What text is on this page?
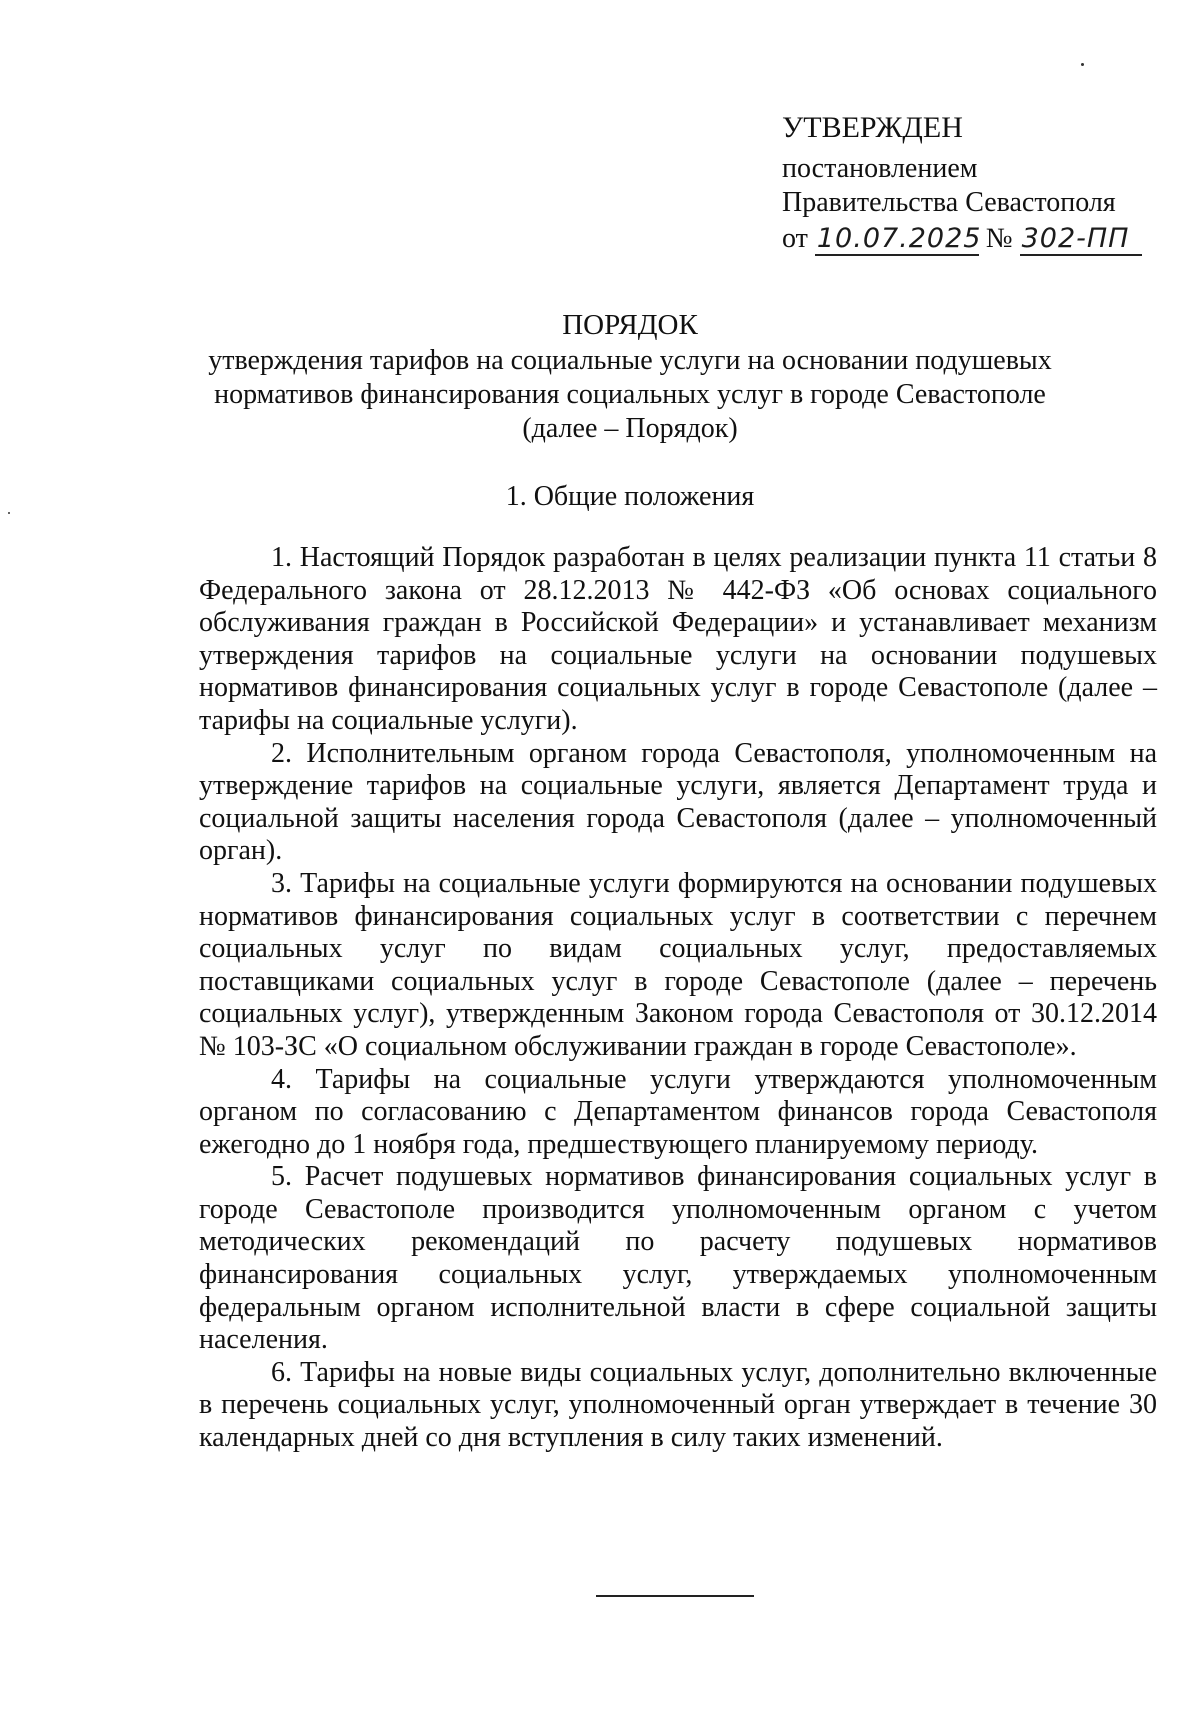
УТВЕРЖДЕН
постановлением
Правительства Севастополя
от 10.07.2025 № 302-ПП
ПОРЯДОК
утверждения тарифов на социальные услуги на основании подушевых
нормативов финансирования социальных услуг в городе Севастополе
(далее – Порядок)
1. Общие положения

1. Настоящий Порядок разработан в целях реализации пункта 11 статьи 8 Федерального закона от 28.12.2013 № 442-ФЗ «Об основах социального обслуживания граждан в Российской Федерации» и устанавливает механизм утверждения тарифов на социальные услуги на основании подушевых нормативов финансирования социальных услуг в городе Севастополе (далее – тарифы на социальные услуги).

2. Исполнительным органом города Севастополя, уполномоченным на утверждение тарифов на социальные услуги, является Департамент труда и социальной защиты населения города Севастополя (далее – уполномоченный орган).

3. Тарифы на социальные услуги формируются на основании подушевых нормативов финансирования социальных услуг в соответствии с перечнем социальных услуг по видам социальных услуг, предоставляемых поставщиками социальных услуг в городе Севастополе (далее – перечень социальных услуг), утвержденным Законом города Севастополя от 30.12.2014 № 103-ЗС «О социальном обслуживании граждан в городе Севастополе».

4. Тарифы на социальные услуги утверждаются уполномоченным органом по согласованию с Департаментом финансов города Севастополя ежегодно до 1 ноября года, предшествующего планируемому периоду.

5. Расчет подушевых нормативов финансирования социальных услуг в городе Севастополе производится уполномоченным органом с учетом методических рекомендаций по расчету подушевых нормативов финансирования социальных услуг, утверждаемых уполномоченным федеральным органом исполнительной власти в сфере социальной защиты населения.

6. Тарифы на новые виды социальных услуг, дополнительно включенные в перечень социальных услуг, уполномоченный орган утверждает в течение 30 календарных дней со дня вступления в силу таких изменений.
